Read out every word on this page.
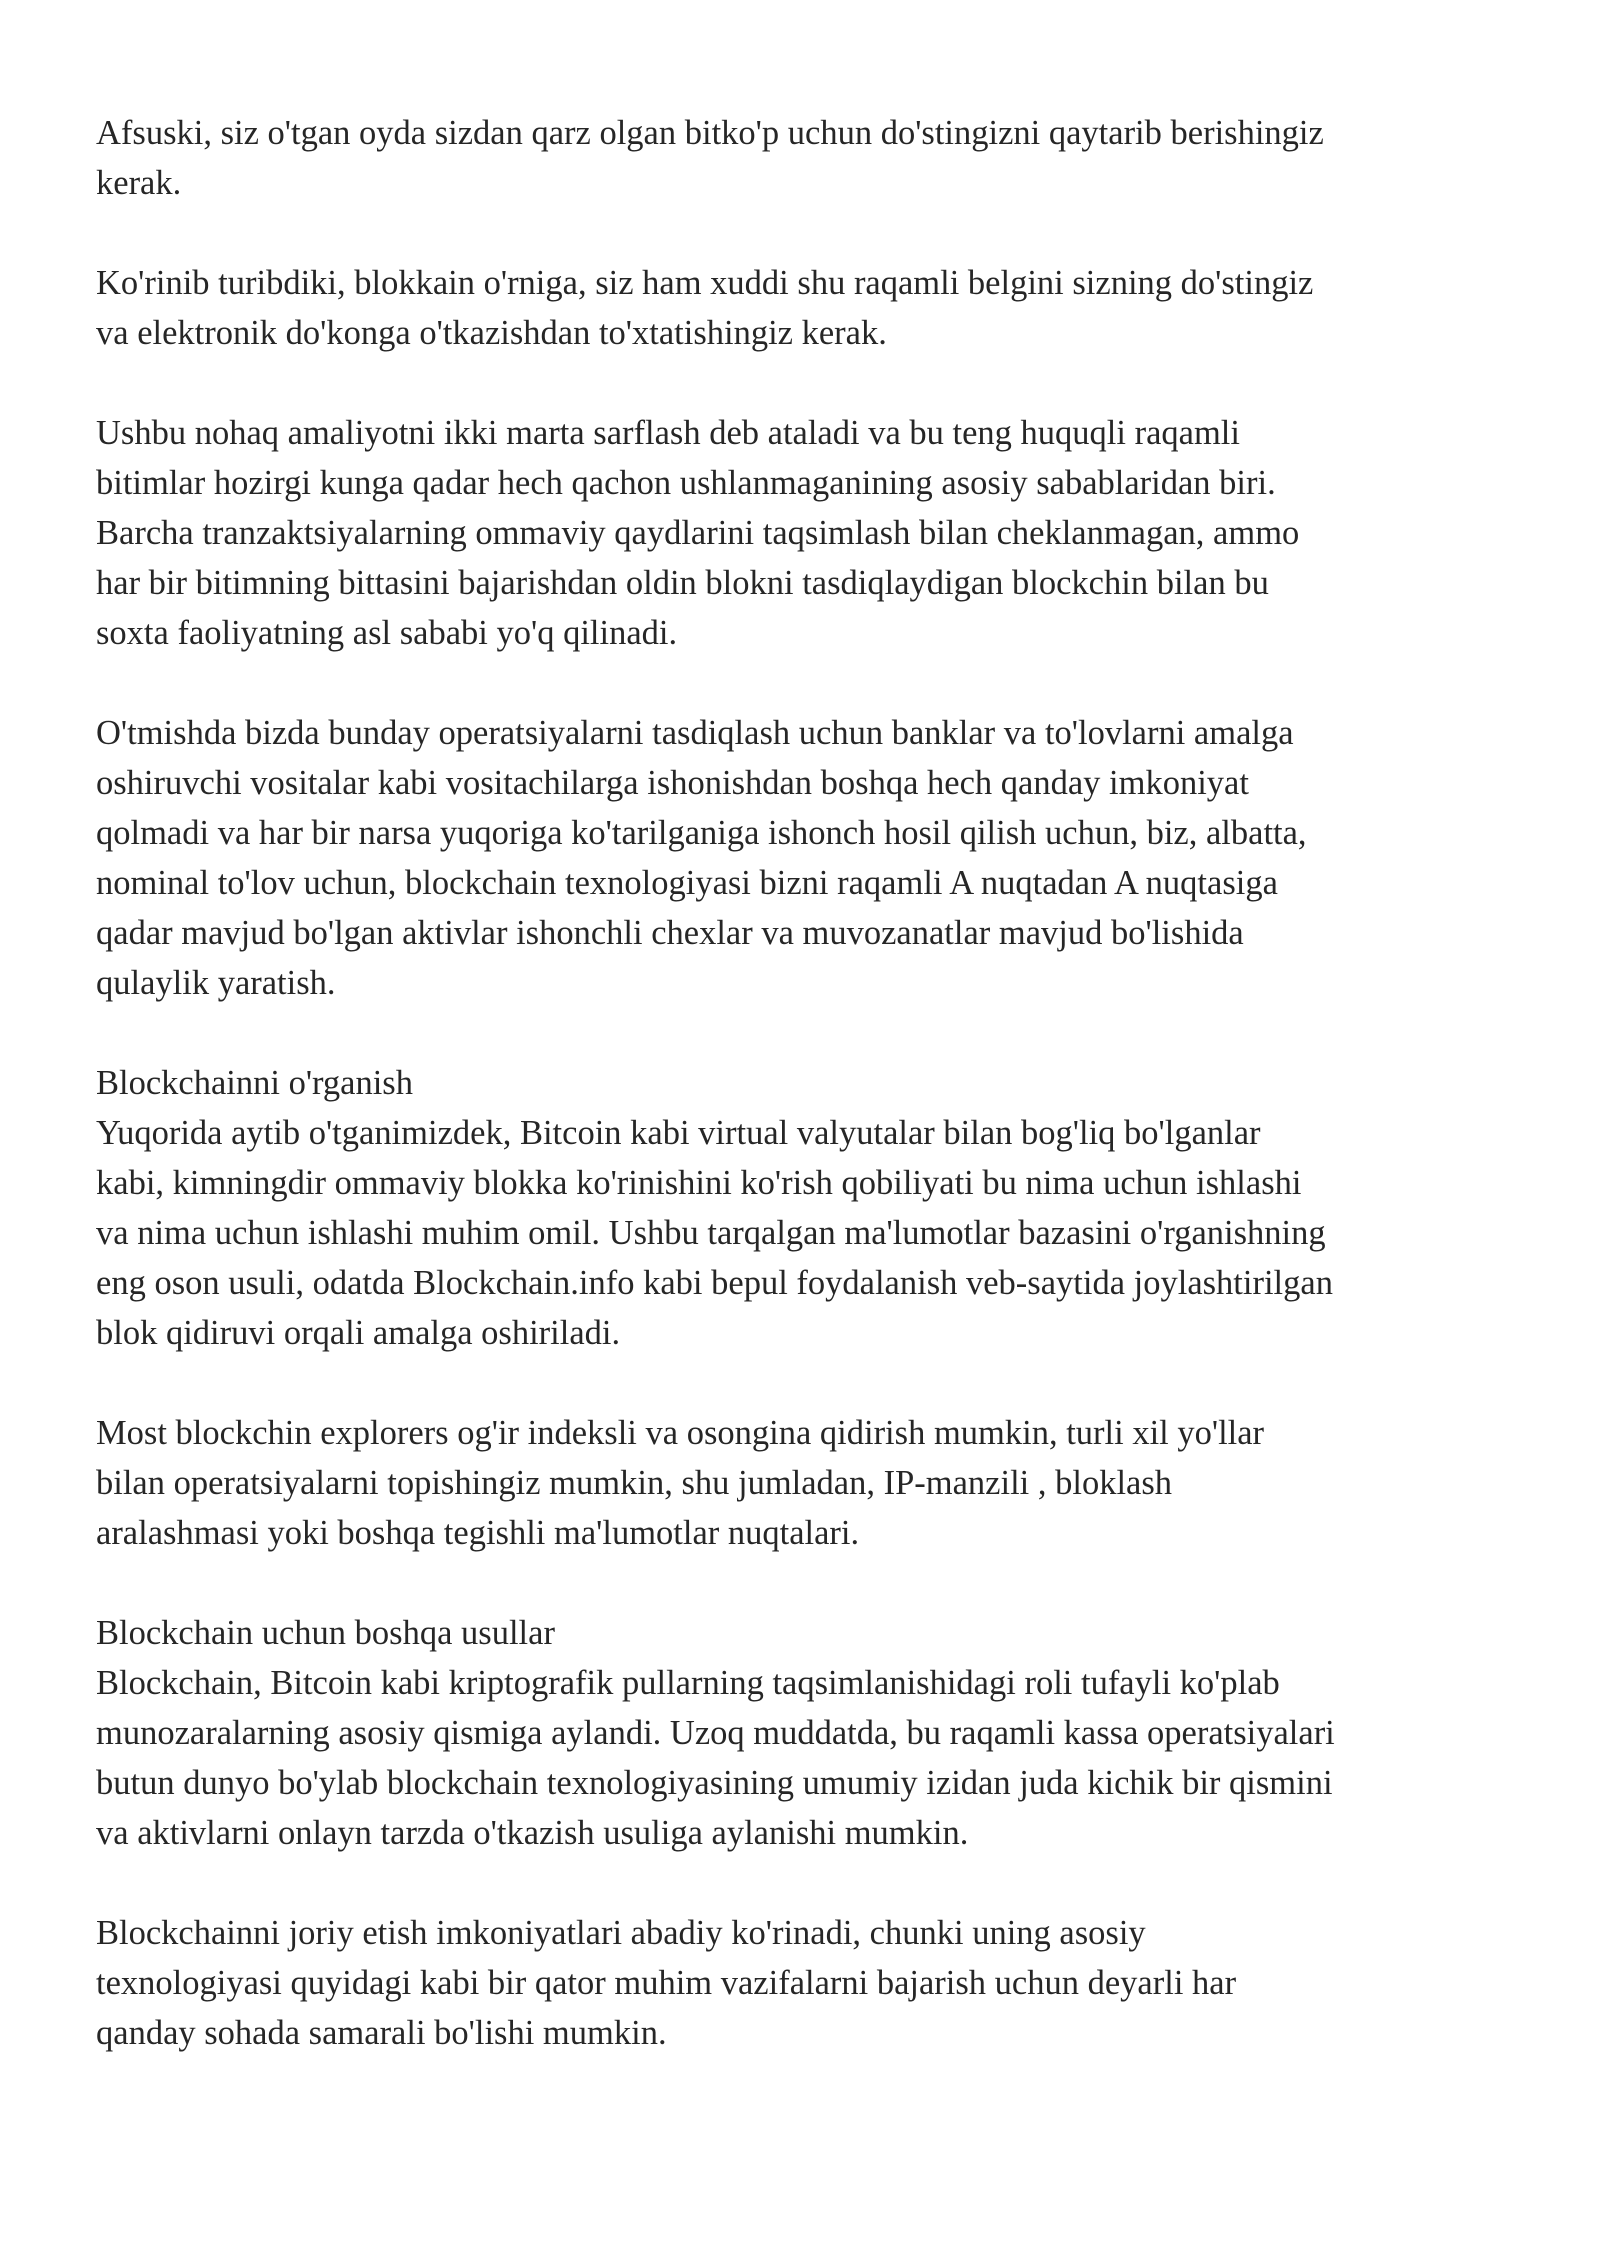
Afsuski, siz o'tgan oyda sizdan qarz olgan bitko'p uchun do'stingizni qaytarib berishingiz
kerak.

Ko'rinib turibdiki, blokkain o'rniga, siz ham xuddi shu raqamli belgini sizning do'stingiz
va elektronik do'konga o'tkazishdan to'xtatishingiz kerak.

Ushbu nohaq amaliyotni ikki marta sarflash deb ataladi va bu teng huquqli raqamli
bitimlar hozirgi kunga qadar hech qachon ushlanmaganining asosiy sabablaridan biri.
Barcha tranzaktsiyalarning ommaviy qaydlarini taqsimlash bilan cheklanmagan, ammo
har bir bitimning bittasini bajarishdan oldin blokni tasdiqlaydigan blockchin bilan bu
soxta faoliyatning asl sababi yo'q qilinadi.

O'tmishda bizda bunday operatsiyalarni tasdiqlash uchun banklar va to'lovlarni amalga
oshiruvchi vositalar kabi vositachilarga ishonishdan boshqa hech qanday imkoniyat
qolmadi va har bir narsa yuqoriga ko'tarilganiga ishonch hosil qilish uchun, biz, albatta,
nominal to'lov uchun, blockchain texnologiyasi bizni raqamli A nuqtadan A nuqtasiga
qadar mavjud bo'lgan aktivlar ishonchli chexlar va muvozanatlar mavjud bo'lishida
qulaylik yaratish.

Blockchainni o'rganish
Yuqorida aytib o'tganimizdek, Bitcoin kabi virtual valyutalar bilan bog'liq bo'lganlar
kabi, kimningdir ommaviy blokka ko'rinishini ko'rish qobiliyati bu nima uchun ishlashi
va nima uchun ishlashi muhim omil. Ushbu tarqalgan ma'lumotlar bazasini o'rganishning
eng oson usuli, odatda Blockchain.info kabi bepul foydalanish veb-saytida joylashtirilgan
blok qidiruvi orqali amalga oshiriladi.

Most blockchin explorers og'ir indeksli va osongina qidirish mumkin, turli xil yo'llar
bilan operatsiyalarni topishingiz mumkin, shu jumladan, IP-manzili , bloklash
aralashmasi yoki boshqa tegishli ma'lumotlar nuqtalari.

Blockchain uchun boshqa usullar
Blockchain, Bitcoin kabi kriptografik pullarning taqsimlanishidagi roli tufayli ko'plab
munozaralarning asosiy qismiga aylandi. Uzoq muddatda, bu raqamli kassa operatsiyalari
butun dunyo bo'ylab blockchain texnologiyasining umumiy izidan juda kichik bir qismini
va aktivlarni onlayn tarzda o'tkazish usuliga aylanishi mumkin.

Blockchainni joriy etish imkoniyatlari abadiy ko'rinadi, chunki uning asosiy
texnologiyasi quyidagi kabi bir qator muhim vazifalarni bajarish uchun deyarli har
qanday sohada samarali bo'lishi mumkin.
